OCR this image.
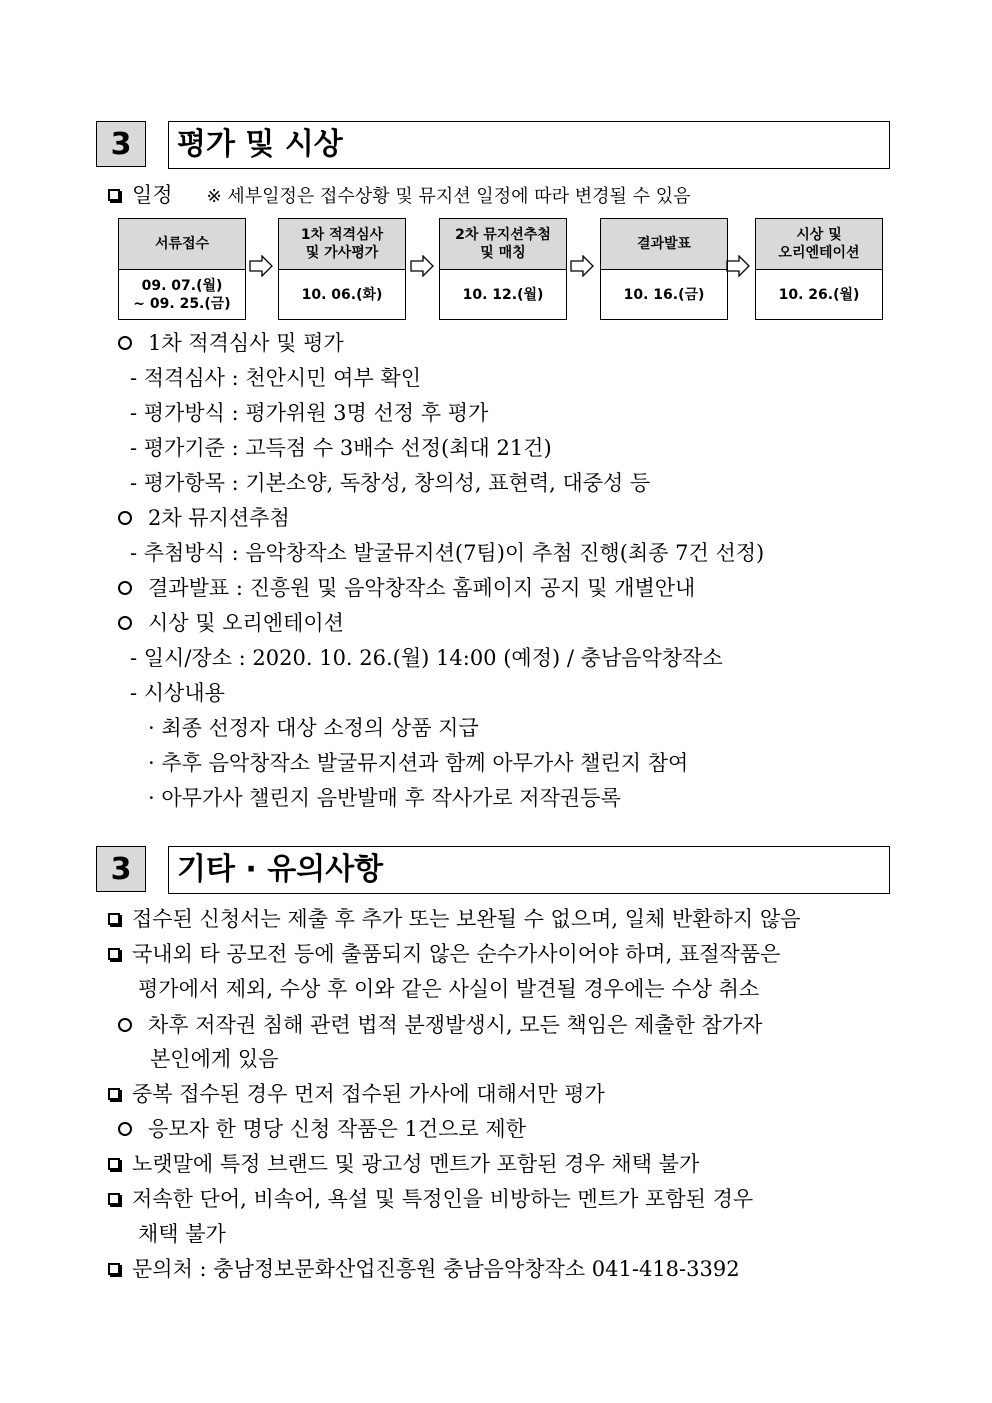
3	평가 및 시상
일정 ※ 세부일정은 접수상황 및 뮤지션 일정에 따라 변경될 수 있음
서류접수
09. 07.(월)
~ 09. 25.(금)
1차 적격심사
및 가사평가
10. 06.(화)
2차 뮤지션추첨
및 매칭
10. 12.(월)
결과발표
10. 16.(금)
시상 및
오리엔테이션
10. 26.(월)
1차 적격심사 및 평가
- 적격심사 : 천안시민 여부 확인
- 평가방식 : 평가위원 3명 선정 후 평가
- 평가기준 : 고득점 수 3배수 선정(최대 21건)
- 평가항목 : 기본소양, 독창성, 창의성, 표현력, 대중성 등
2차 뮤지션추첨
- 추첨방식 : 음악창작소 발굴뮤지션(7팀)이 추첨 진행(최종 7건 선정)
결과발표 : 진흥원 및 음악창작소 홈페이지 공지 및 개별안내
시상 및 오리엔테이션
- 일시/장소 : 2020. 10. 26.(월) 14:00 (예정) / 충남음악창작소
- 시상내용
· 최종 선정자 대상 소정의 상품 지급
· 추후 음악창작소 발굴뮤지션과 함께 아무가사 챌린지 참여
· 아무가사 챌린지 음반발매 후 작사가로 저작권등록
3	기타 · 유의사항
접수된 신청서는 제출 후 추가 또는 보완될 수 없으며, 일체 반환하지 않음
국내외 타 공모전 등에 출품되지 않은 순수가사이어야 하며, 표절작품은
평가에서 제외, 수상 후 이와 같은 사실이 발견될 경우에는 수상 취소
차후 저작권 침해 관련 법적 분쟁발생시, 모든 책임은 제출한 참가자
본인에게 있음
중복 접수된 경우 먼저 접수된 가사에 대해서만 평가
응모자 한 명당 신청 작품은 1건으로 제한
노랫말에 특정 브랜드 및 광고성 멘트가 포함된 경우 채택 불가
저속한 단어, 비속어, 욕설 및 특정인을 비방하는 멘트가 포함된 경우
채택 불가
문의처 : 충남정보문화산업진흥원 충남음악창작소 041-418-3392
